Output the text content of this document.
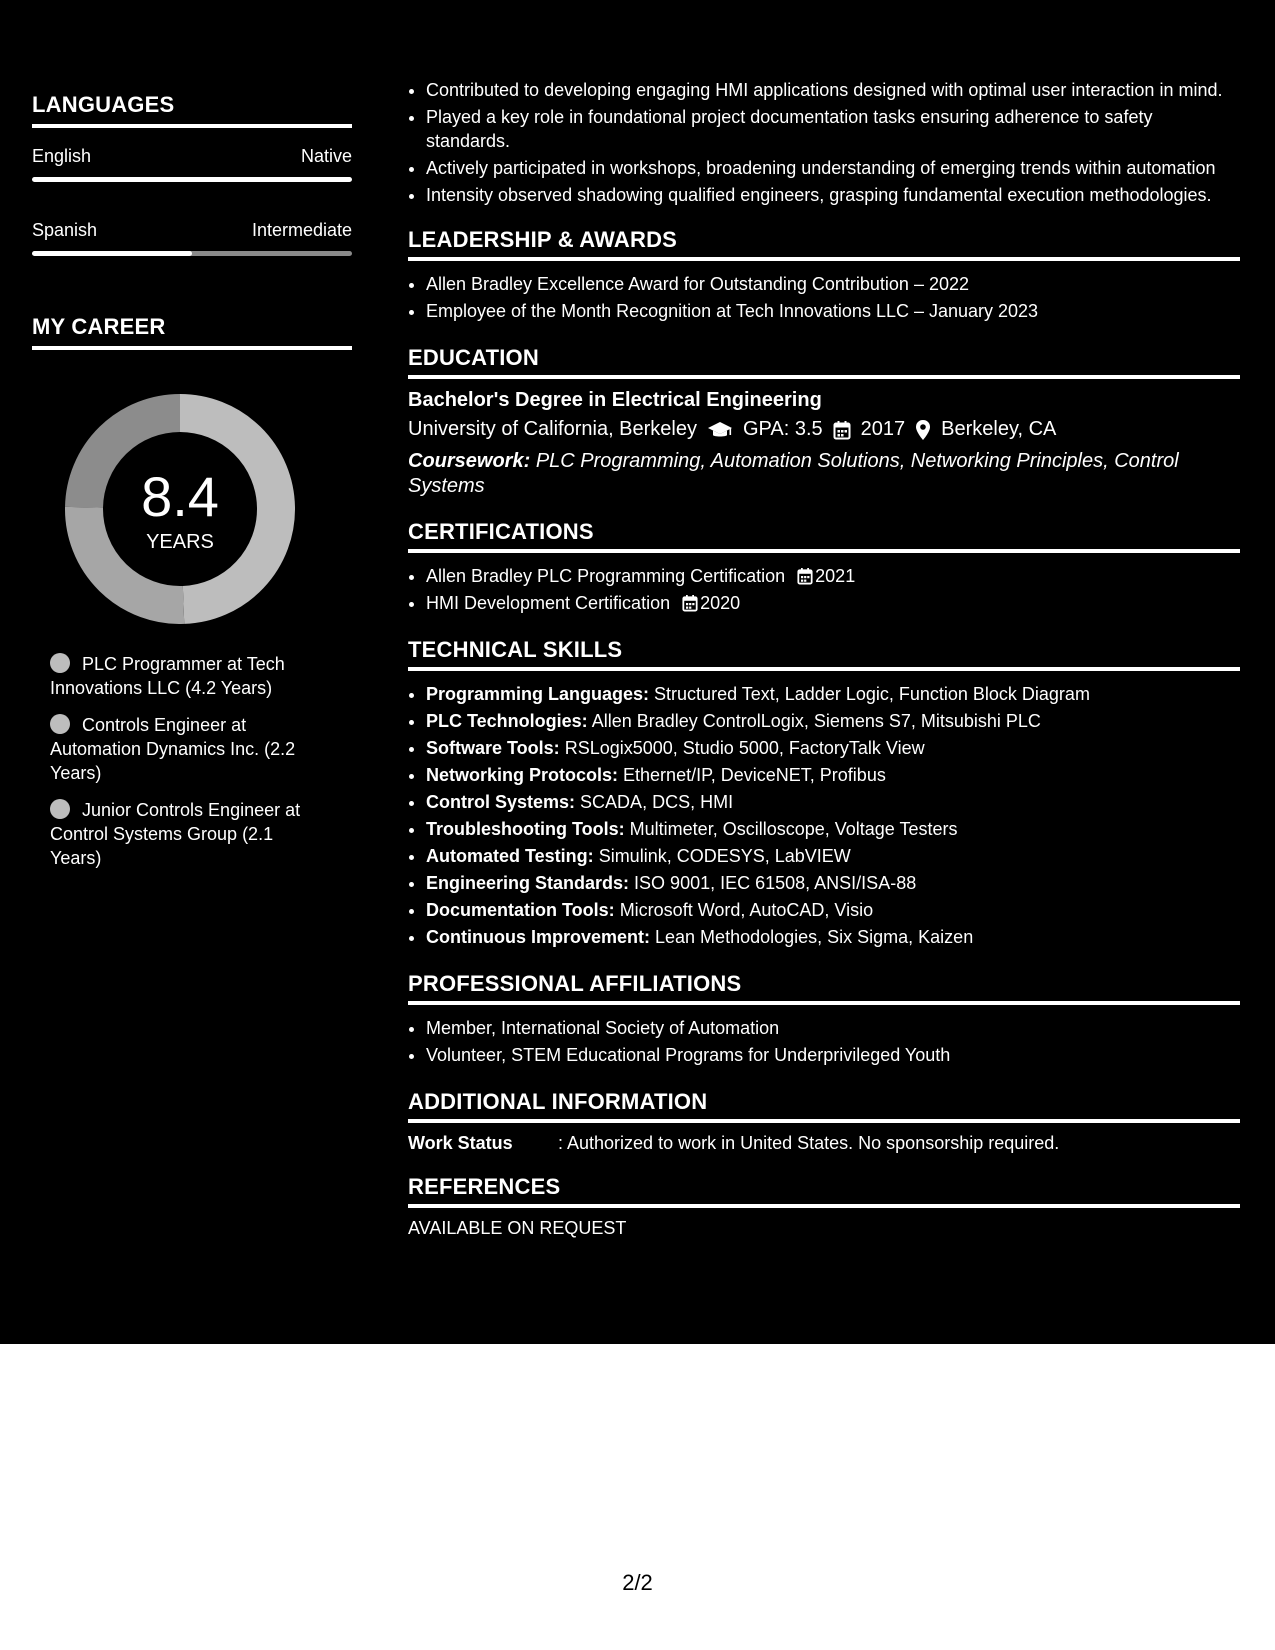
LANGUAGES
English	Native
Spanish	Intermediate
MY CAREER
8.4
YEARS
PLC Programmer at Tech Innovations LLC (4.2 Years)
Controls Engineer at Automation Dynamics Inc. (2.2 Years)
Junior Controls Engineer at Control Systems Group (2.1 Years)
• Contributed to developing engaging HMI applications designed with optimal user interaction in mind.
• Played a key role in foundational project documentation tasks ensuring adherence to safety standards.
• Actively participated in workshops, broadening understanding of emerging trends within automation
• Intensity observed shadowing qualified engineers, grasping fundamental execution methodologies.
LEADERSHIP & AWARDS
• Allen Bradley Excellence Award for Outstanding Contribution – 2022
• Employee of the Month Recognition at Tech Innovations LLC – January 2023
EDUCATION
Bachelor's Degree in Electrical Engineering
University of California, Berkeley GPA: 3.5 2017 Berkeley, CA
Coursework: PLC Programming, Automation Solutions, Networking Principles, Control Systems
CERTIFICATIONS
• Allen Bradley PLC Programming Certification 2021
• HMI Development Certification 2020
TECHNICAL SKILLS
• Programming Languages: Structured Text, Ladder Logic, Function Block Diagram
• PLC Technologies: Allen Bradley ControlLogix, Siemens S7, Mitsubishi PLC
• Software Tools: RSLogix5000, Studio 5000, FactoryTalk View
• Networking Protocols: Ethernet/IP, DeviceNET, Profibus
• Control Systems: SCADA, DCS, HMI
• Troubleshooting Tools: Multimeter, Oscilloscope, Voltage Testers
• Automated Testing: Simulink, CODESYS, LabVIEW
• Engineering Standards: ISO 9001, IEC 61508, ANSI/ISA-88
• Documentation Tools: Microsoft Word, AutoCAD, Visio
• Continuous Improvement: Lean Methodologies, Six Sigma, Kaizen
PROFESSIONAL AFFILIATIONS
• Member, International Society of Automation
• Volunteer, STEM Educational Programs for Underprivileged Youth
ADDITIONAL INFORMATION
Work Status	: Authorized to work in United States. No sponsorship required.
REFERENCES
AVAILABLE ON REQUEST
2/2
